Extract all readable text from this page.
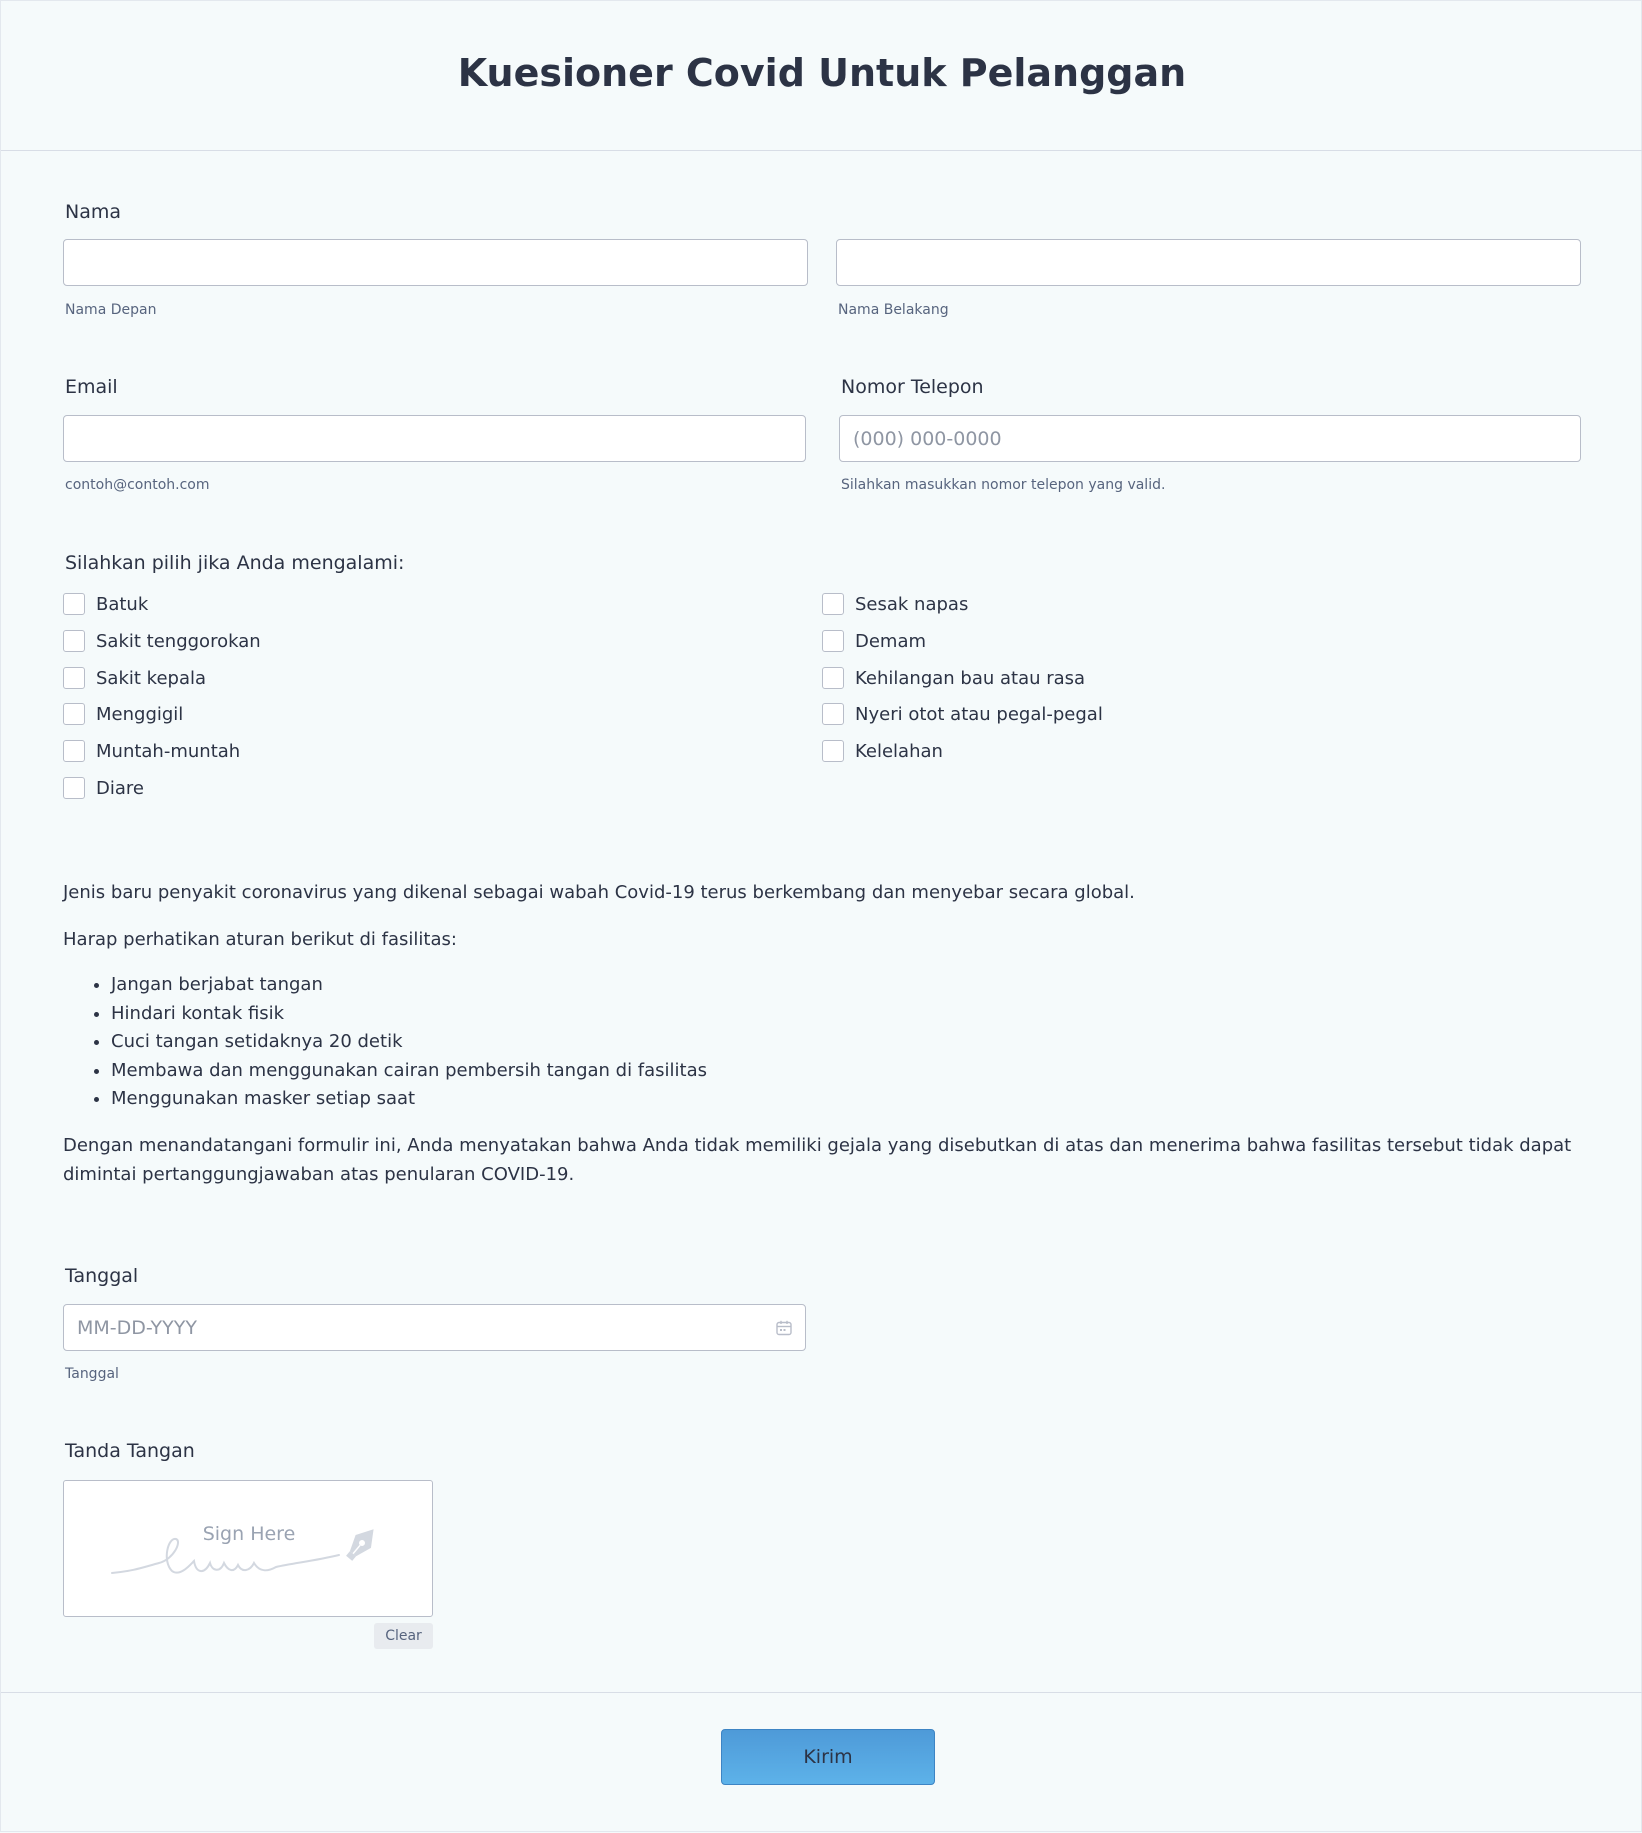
Kuesioner Covid Untuk Pelanggan
Nama
Nama Depan	Nama Belakang
Email	Nomor Telepon
(000) 000-0000
contoh@contoh.com	Silahkan masukkan nomor telepon yang valid.
Silahkan pilih jika Anda mengalami:
Batuk
Sakit tenggorokan
Sakit kepala
Menggigil
Muntah-muntah
Diare
Sesak napas
Demam
Kehilangan bau atau rasa
Nyeri otot atau pegal-pegal
Kelelahan

Jenis baru penyakit coronavirus yang dikenal sebagai wabah Covid-19 terus berkembang dan menyebar secara global.

Harap perhatikan aturan berikut di fasilitas:

• Jangan berjabat tangan
• Hindari kontak fisik
• Cuci tangan setidaknya 20 detik
• Membawa dan menggunakan cairan pembersih tangan di fasilitas
• Menggunakan masker setiap saat

Dengan menandatangani formulir ini, Anda menyatakan bahwa Anda tidak memiliki gejala yang disebutkan di atas dan menerima bahwa fasilitas tersebut tidak dapat dimintai pertanggungjawaban atas penularan COVID-19.

Tanggal
MM-DD-YYYY
Tanggal
Tanda Tangan
Sign Here
Clear
Kirim
